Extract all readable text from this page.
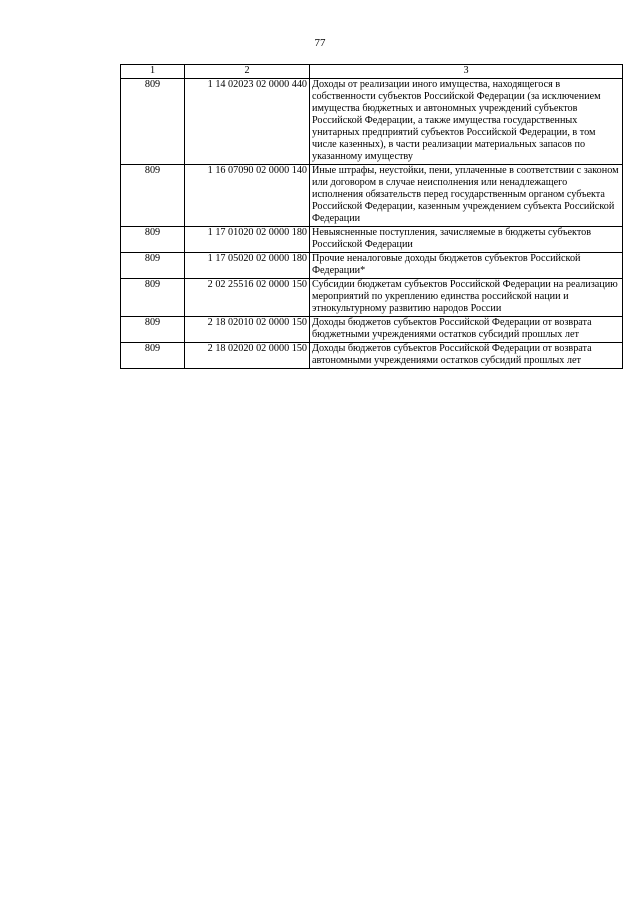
77
1	2	3
809	1 14 02023 02 0000 440	Доходы от реализации иного имущества, находящегося в собственности субъектов Российской Федерации (за исключением имущества бюджетных и автономных учреждений субъектов Российской Федерации, а также имущества государственных унитарных предприятий субъектов Российской Федерации, в том числе казенных), в части реализации материальных запасов по указанному имуществу
809	1 16 07090 02 0000 140	Иные штрафы, неустойки, пени, уплаченные в соответствии с законом или договором в случае неисполнения или ненадлежащего исполнения обязательств перед государственным органом субъекта Российской Федерации, казенным учреждением субъекта Российской Федерации
809	1 17 01020 02 0000 180	Невыясненные поступления, зачисляемые в бюджеты субъектов Российской Федерации
809	1 17 05020 02 0000 180	Прочие неналоговые доходы бюджетов субъектов Российской Федерации*
809	2 02 25516 02 0000 150	Субсидии бюджетам субъектов Российской Федерации на реализацию мероприятий по укреплению единства российской нации и этнокультурному развитию народов России
809	2 18 02010 02 0000 150	Доходы бюджетов субъектов Российской Федерации от возврата бюджетными учреждениями остатков субсидий прошлых лет
809	2 18 02020 02 0000 150	Доходы бюджетов субъектов Российской Федерации от возврата автономными учреждениями остатков субсидий прошлых лет
